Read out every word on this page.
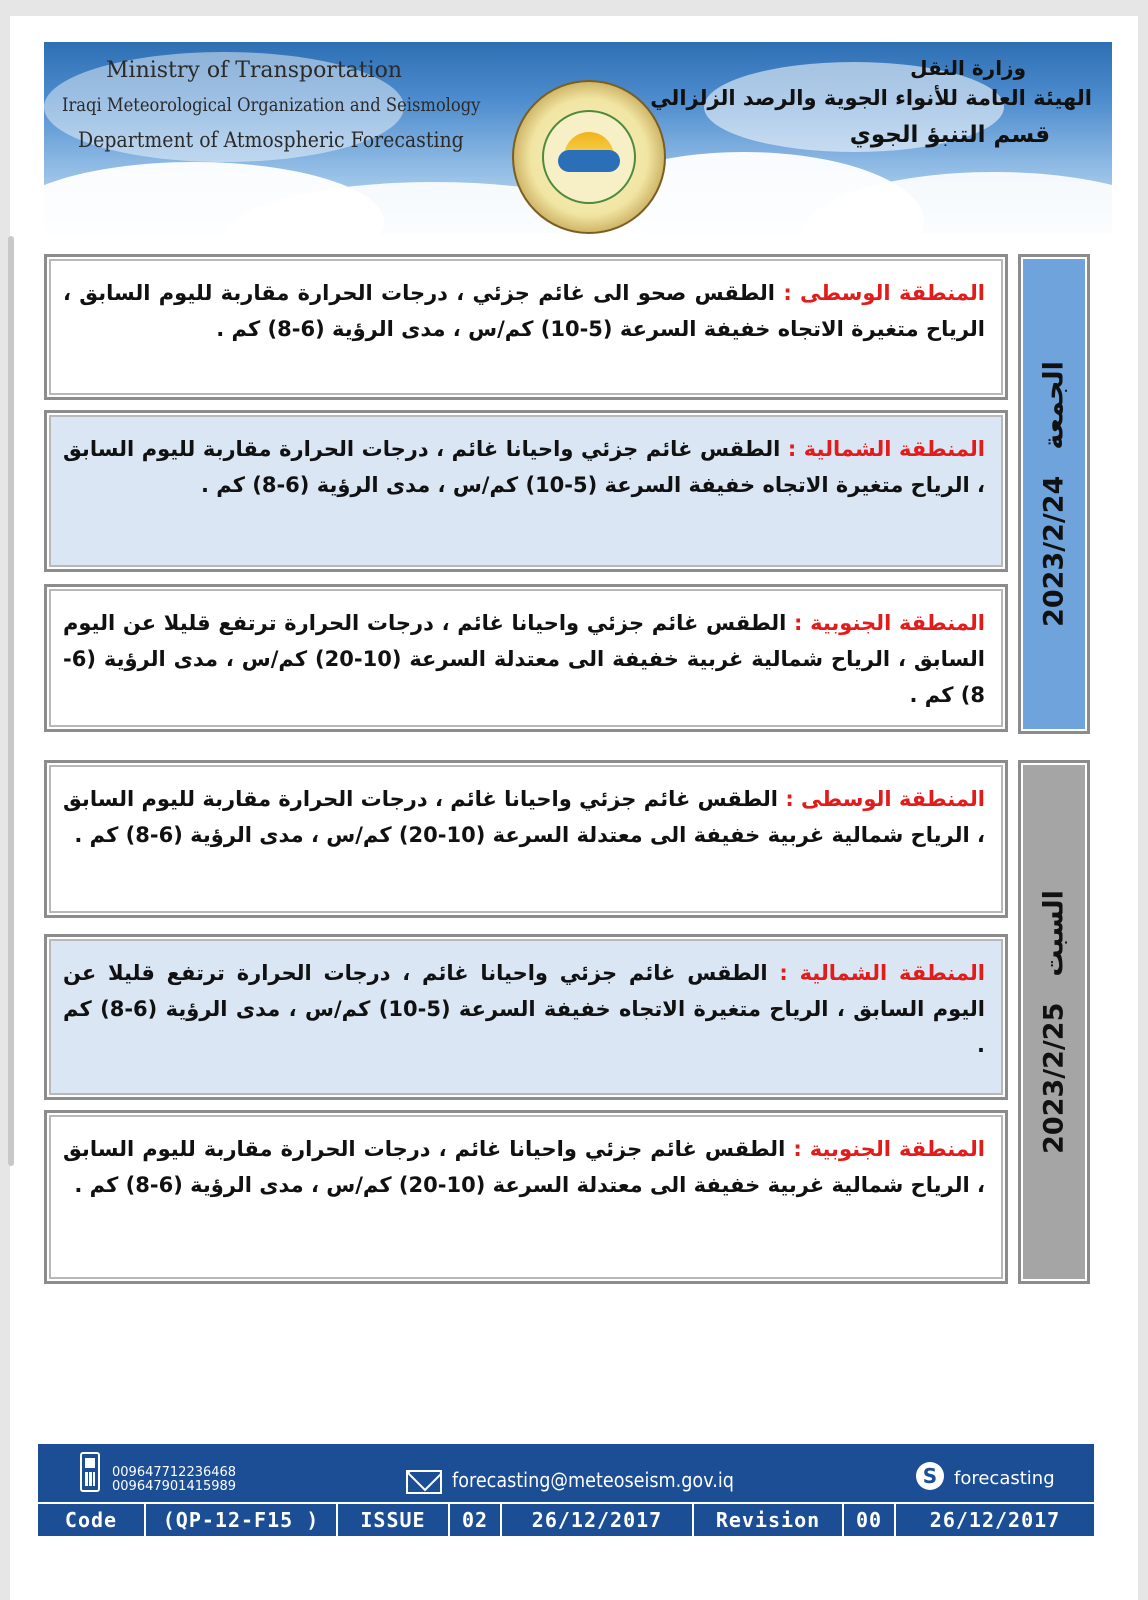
Ministry of Transportation
Iraqi Meteorological Organization and Seismology
Department of Atmospheric Forecasting
وزارة النقل
الهيئة العامة للأنواء الجوية والرصد الزلزالي
قسم التنبؤ الجوي
المنطقة الوسطى : الطقس صحو الى غائم جزئي ، درجات الحرارة مقاربة لليوم السابق ، الرياح متغيرة الاتجاه خفيفة السرعة (5-10) كم/س ، مدى الرؤية (6-8) كم .
المنطقة الشمالية : الطقس غائم جزئي واحيانا غائم ، درجات الحرارة مقاربة لليوم السابق ، الرياح متغيرة الاتجاه خفيفة السرعة (5-10) كم/س ، مدى الرؤية (6-8) كم .
المنطقة الجنوبية : الطقس غائم جزئي واحيانا غائم ، درجات الحرارة ترتفع قليلا عن اليوم السابق ، الرياح شمالية غربية خفيفة الى معتدلة السرعة (10-20) كم/س ، مدى الرؤية (6-8) كم .
2023/2/24الجمعة
المنطقة الوسطى : الطقس غائم جزئي واحيانا غائم ، درجات الحرارة مقاربة لليوم السابق ، الرياح شمالية غربية خفيفة الى معتدلة السرعة (10-20) كم/س ، مدى الرؤية (6-8) كم .
المنطقة الشمالية : الطقس غائم جزئي واحيانا غائم ، درجات الحرارة ترتفع قليلا عن اليوم السابق ، الرياح متغيرة الاتجاه خفيفة السرعة (5-10) كم/س ، مدى الرؤية (6-8) كم .
المنطقة الجنوبية : الطقس غائم جزئي واحيانا غائم ، درجات الحرارة مقاربة لليوم السابق ، الرياح شمالية غربية خفيفة الى معتدلة السرعة (10-20) كم/س ، مدى الرؤية (6-8) كم .
2023/2/25السبت
009647712236468
009647901415989	forecasting@meteoseism.gov.iq	S forecasting
Code	(QP-12-F15 )	ISSUE	02	26/12/2017	Revision	00	26/12/2017
